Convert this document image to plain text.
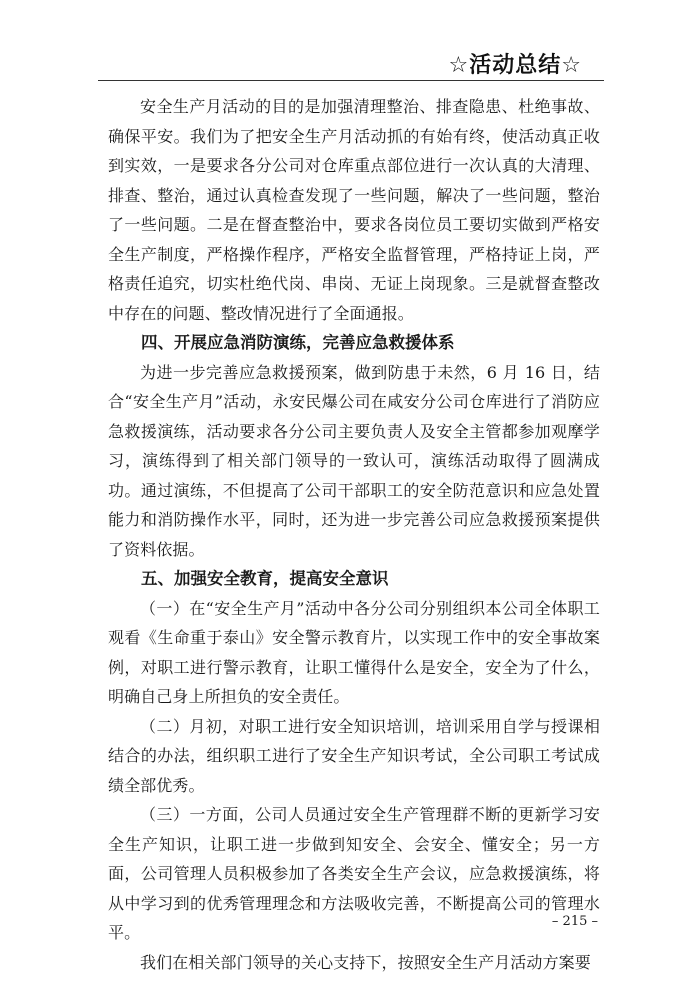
☆活动总结☆

安全生产月活动的目的是加强清理整治、排查隐患、杜绝事故、确保平安。我们为了把安全生产月活动抓的有始有终，使活动真正收到实效，一是要求各分公司对仓库重点部位进行一次认真的大清理、排查、整治，通过认真检查发现了一些问题，解决了一些问题，整治了一些问题。二是在督查整治中，要求各岗位员工要切实做到严格安全生产制度，严格操作程序，严格安全监督管理，严格持证上岗，严格责任追究，切实杜绝代岗、串岗、无证上岗现象。三是就督查整改中存在的问题、整改情况进行了全面通报。

四、开展应急消防演练，完善应急救援体系

为进一步完善应急救援预案，做到防患于未然，6 月 16 日，结合“安全生产月”活动，永安民爆公司在咸安分公司仓库进行了消防应急救援演练，活动要求各分公司主要负责人及安全主管都参加观摩学习，演练得到了相关部门领导的一致认可，演练活动取得了圆满成功。通过演练，不但提高了公司干部职工的安全防范意识和应急处置能力和消防操作水平，同时，还为进一步完善公司应急救援预案提供了资料依据。

五、加强安全教育，提高安全意识

（一）在“安全生产月”活动中各分公司分别组织本公司全体职工观看《生命重于泰山》安全警示教育片，以实现工作中的安全事故案例，对职工进行警示教育，让职工懂得什么是安全，安全为了什么，明确自己身上所担负的安全责任。

（二）月初，对职工进行安全知识培训，培训采用自学与授课相结合的办法，组织职工进行了安全生产知识考试，全公司职工考试成绩全部优秀。

（三）一方面，公司人员通过安全生产管理群不断的更新学习安全生产知识，让职工进一步做到知安全、会安全、懂安全；另一方面，公司管理人员积极参加了各类安全生产会议，应急救援演练，将从中学习到的优秀管理理念和方法吸收完善，不断提高公司的管理水平。

我们在相关部门领导的关心支持下，按照安全生产月活动方案要

– 215 –
